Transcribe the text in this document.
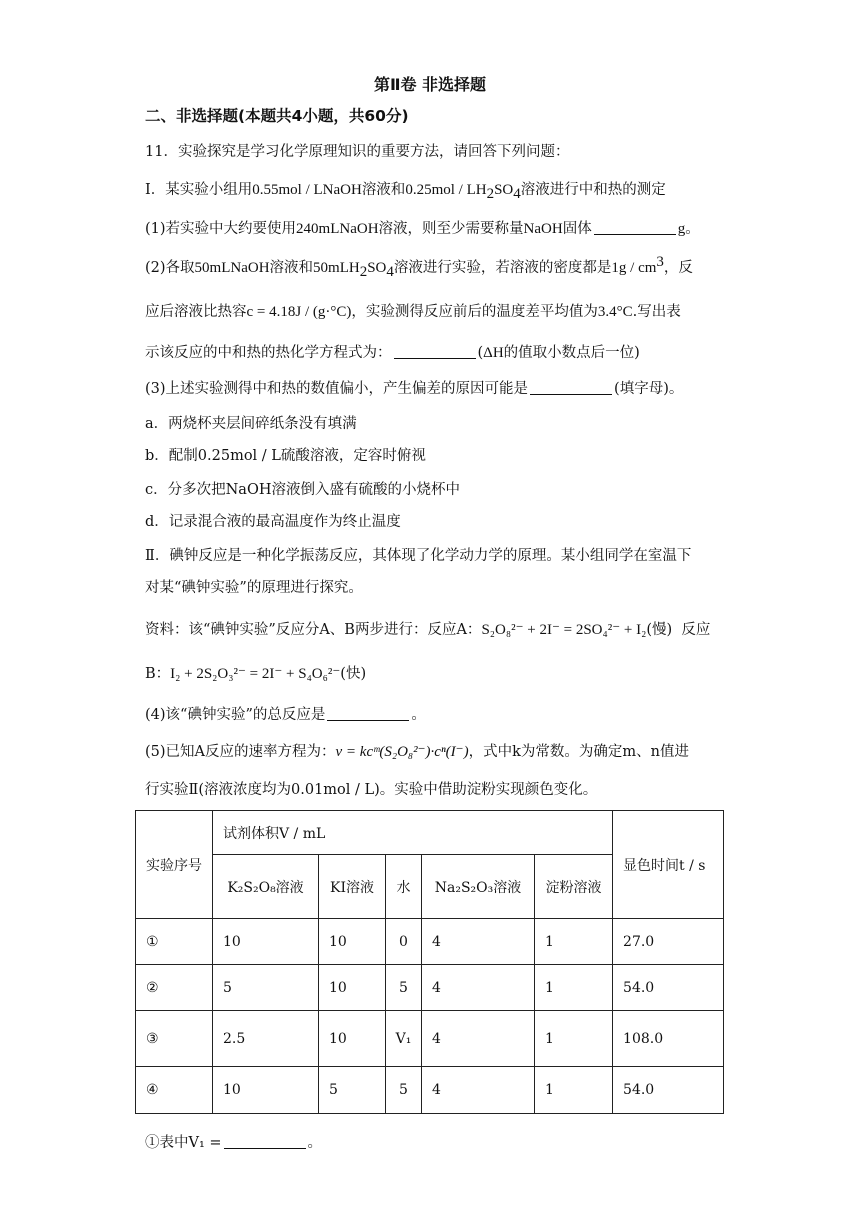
第Ⅱ卷 非选择题
二、非选择题(本题共4小题，共60分)
11．实验探究是学习化学原理知识的重要方法，请回答下列问题：
Ⅰ．某实验小组用0.55mol / LNaOH溶液和$0.25mol / LH_2SO_4$溶液进行中和热的测定
(1)若实验中大约要使用240mLNaOH溶液，则至少需要称量NaOH固体	g。
(2)各取50mLNaOH溶液和$50mLH_2SO_4$溶液进行实验，若溶液的密度都是$1g / cm^3$，反
应后溶液比热容c = 4.18J / (g·°C)，实验测得反应前后的温度差平均值为3.4°C.写出表
示该反应的中和热的热化学方程式为：	(ΔH的值取小数点后一位)
(3)上述实验测得中和热的数值偏小，产生偏差的原因可能是	(填字母)。
a．两烧杯夹层间碎纸条没有填满
b．配制0.25mol / L硫酸溶液，定容时俯视
c．分多次把NaOH溶液倒入盛有硫酸的小烧杯中
d．记录混合液的最高温度作为终止温度
Ⅱ．碘钟反应是一种化学振荡反应，其体现了化学动力学的原理。某小组同学在室温下
对某“碘钟实验”的原理进行探究。
资料：该“碘钟实验”反应分A、B两步进行：反应A：S₂O₈²⁻ + 2I⁻ = 2SO₄²⁻ + I₂(慢) 反应
B：I₂ + 2S₂O₃²⁻ = 2I⁻ + S₄O₆²⁻(快)
(4)该“碘钟实验”的总反应是	。
(5)已知A反应的速率方程为：v = kcᵐ(S₂O₈²⁻)·cⁿ(I⁻)，式中k为常数。为确定m、n值进
行实验Ⅱ(溶液浓度均为0.01mol / L)。实验中借助淀粉实现颜色变化。
实验序号	试剂体积V / mL					显色时间t / s
	K₂S₂O₈溶液	KI溶液	水	Na₂S₂O₃溶液	淀粉溶液	
①	10	10	0	4	1	27.0
②	5	10	5	4	1	54.0
③	2.5	10	V₁	4	1	108.0
④	10	5	5	4	1	54.0
①表中V₁ =	。
